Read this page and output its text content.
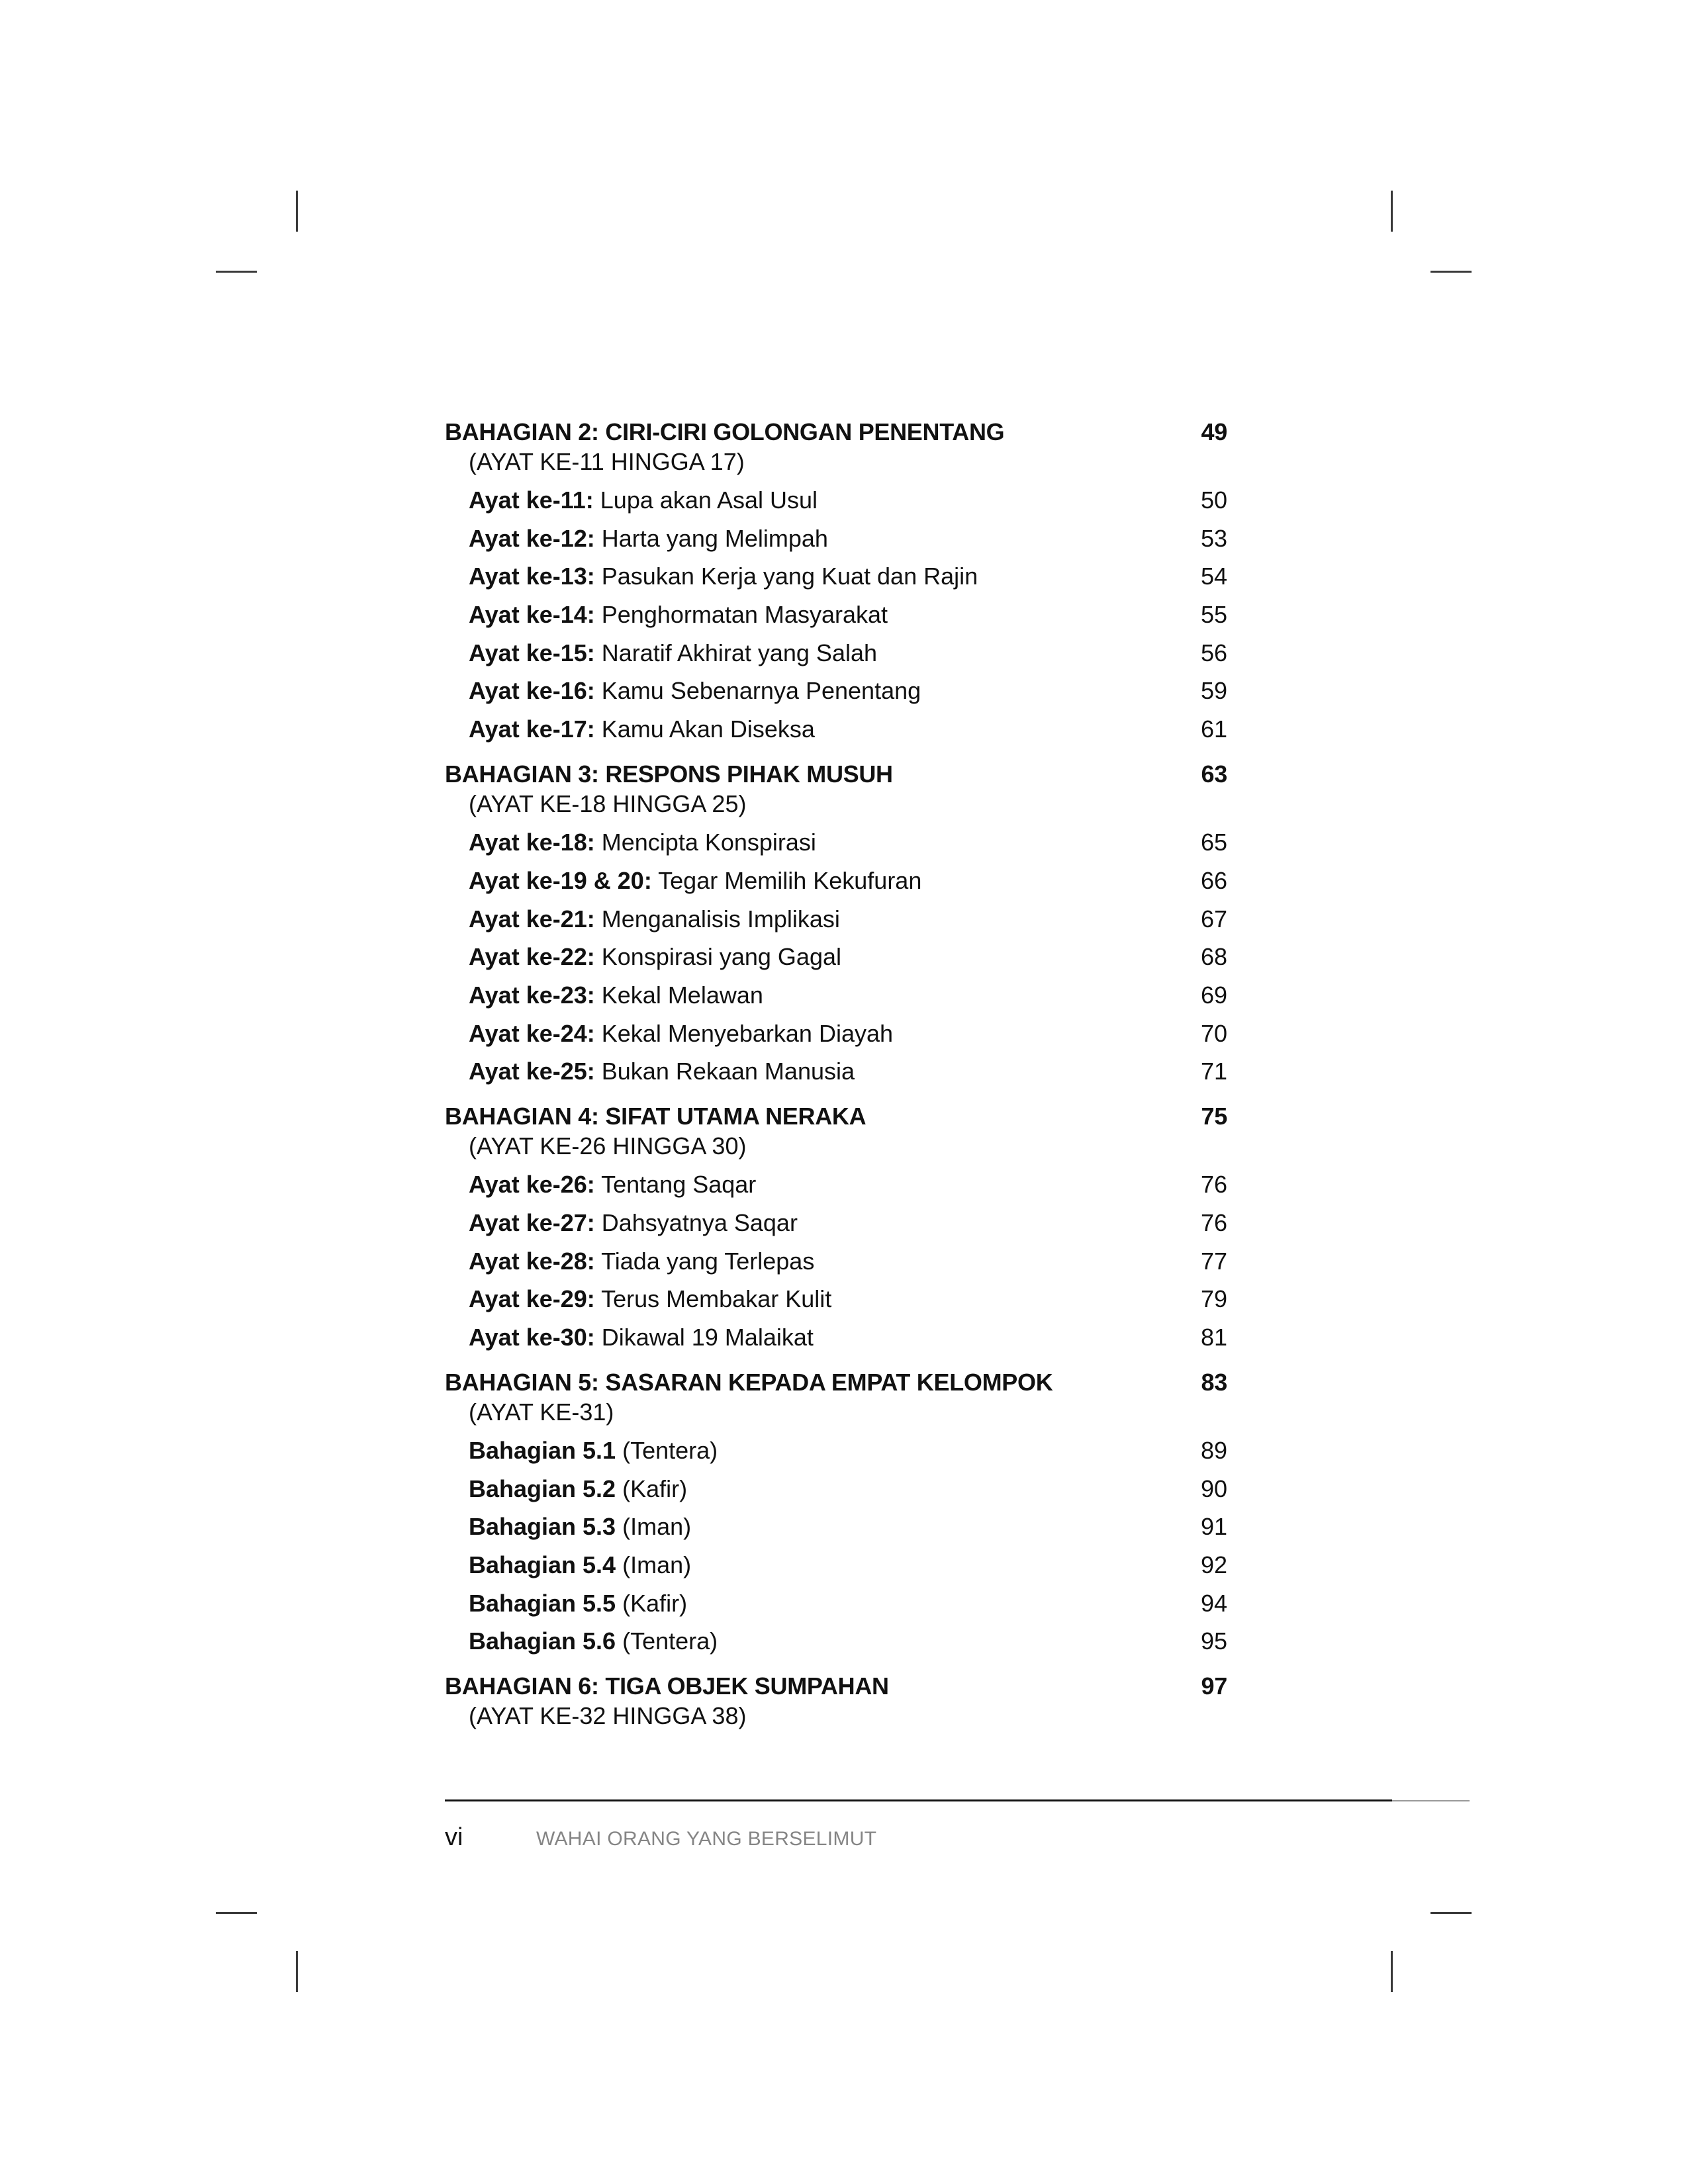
BAHAGIAN 2: CIRI-CIRI GOLONGAN PENENTANG	49
(AYAT KE-11 HINGGA 17)
Ayat ke-11: Lupa akan Asal Usul	50
Ayat ke-12: Harta yang Melimpah	53
Ayat ke-13: Pasukan Kerja yang Kuat dan Rajin	54
Ayat ke-14: Penghormatan Masyarakat	55
Ayat ke-15: Naratif Akhirat yang Salah	56
Ayat ke-16: Kamu Sebenarnya Penentang	59
Ayat ke-17: Kamu Akan Diseksa	61
BAHAGIAN 3: RESPONS PIHAK MUSUH	63
(AYAT KE-18 HINGGA 25)
Ayat ke-18: Mencipta Konspirasi	65
Ayat ke-19 & 20: Tegar Memilih Kekufuran	66
Ayat ke-21: Menganalisis Implikasi	67
Ayat ke-22: Konspirasi yang Gagal	68
Ayat ke-23: Kekal Melawan	69
Ayat ke-24: Kekal Menyebarkan Diayah	70
Ayat ke-25: Bukan Rekaan Manusia	71
BAHAGIAN 4: SIFAT UTAMA NERAKA	75
(AYAT KE-26 HINGGA 30)
Ayat ke-26: Tentang Saqar	76
Ayat ke-27: Dahsyatnya Saqar	76
Ayat ke-28: Tiada yang Terlepas	77
Ayat ke-29: Terus Membakar Kulit	79
Ayat ke-30: Dikawal 19 Malaikat	81
BAHAGIAN 5: SASARAN KEPADA EMPAT KELOMPOK	83
(AYAT KE-31)
Bahagian 5.1 (Tentera)	89
Bahagian 5.2 (Kafir)	90
Bahagian 5.3 (Iman)	91
Bahagian 5.4 (Iman)	92
Bahagian 5.5 (Kafir)	94
Bahagian 5.6 (Tentera)	95
BAHAGIAN 6: TIGA OBJEK SUMPAHAN	97
(AYAT KE-32 HINGGA 38)
vi	WAHAI ORANG YANG BERSELIMUT
